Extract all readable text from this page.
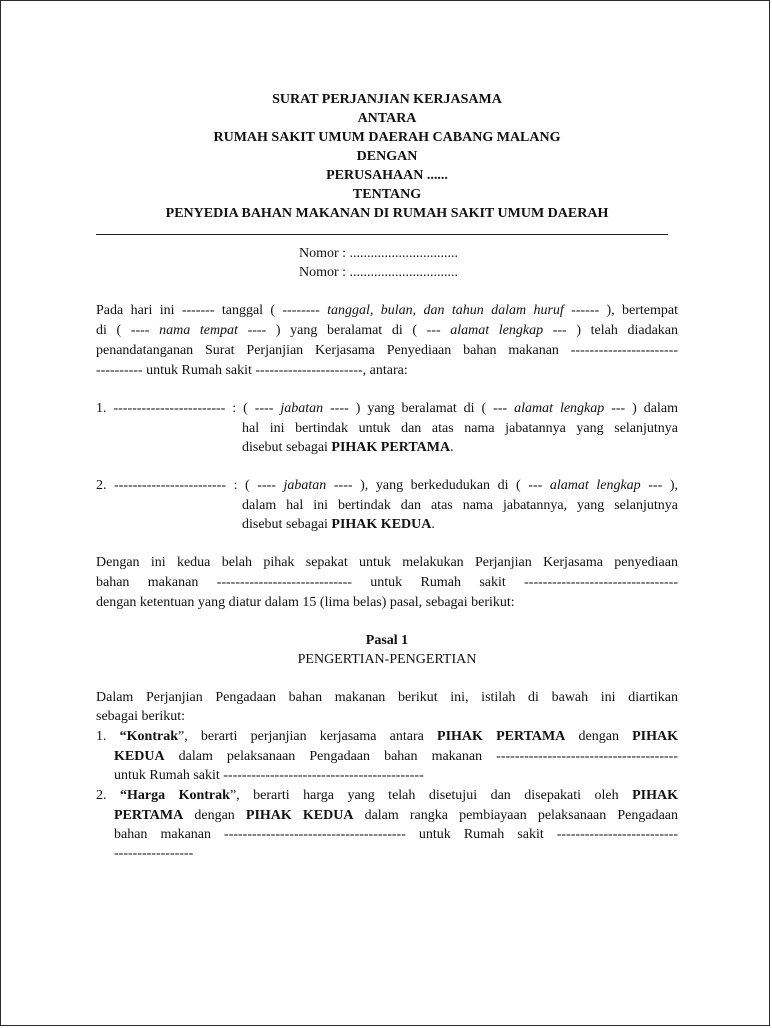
SURAT PERJANJIAN KERJASAMA
ANTARA
RUMAH SAKIT UMUM DAERAH CABANG MALANG
DENGAN
PERUSAHAAN ......
TENTANG
PENYEDIA BAHAN MAKANAN DI RUMAH SAKIT UMUM DAERAH
Nomor : ...............................
Nomor : ...............................
Pada hari ini ------- tanggal ( -------- tanggal, bulan, dan tahun dalam huruf ------ ), bertempat
di ( ---- nama tempat ---- ) yang beralamat di ( --- alamat lengkap --- ) telah diadakan
penandatanganan Surat Perjanjian Kerjasama Penyediaan bahan makanan -----------------------
---------- untuk Rumah sakit -----------------------, antara:
1. ------------------------ : ( ---- jabatan ---- ) yang beralamat di ( --- alamat lengkap --- ) dalam
hal ini bertindak untuk dan atas nama jabatannya yang selanjutnya
disebut sebagai PIHAK PERTAMA.
2. ------------------------ : ( ---- jabatan ---- ), yang berkedudukan di ( --- alamat lengkap --- ),
dalam hal ini bertindak dan atas nama jabatannya, yang selanjutnya
disebut sebagai PIHAK KEDUA.
Dengan ini kedua belah pihak sepakat untuk melakukan Perjanjian Kerjasama penyediaan
bahan makanan ----------------------------- untuk Rumah sakit ---------------------------------
dengan ketentuan yang diatur dalam 15 (lima belas) pasal, sebagai berikut:
Pasal 1
PENGERTIAN-PENGERTIAN
Dalam Perjanjian Pengadaan bahan makanan berikut ini, istilah di bawah ini diartikan
sebagai berikut:
1. “Kontrak”, berarti perjanjian kerjasama antara PIHAK PERTAMA dengan PIHAK
KEDUA dalam pelaksanaan Pengadaan bahan makanan ---------------------------------------
untuk Rumah sakit -------------------------------------------
2. “Harga Kontrak”, berarti harga yang telah disetujui dan disepakati oleh PIHAK
PERTAMA dengan PIHAK KEDUA dalam rangka pembiayaan pelaksanaan Pengadaan
bahan makanan --------------------------------------- untuk Rumah sakit --------------------------
-----------------
